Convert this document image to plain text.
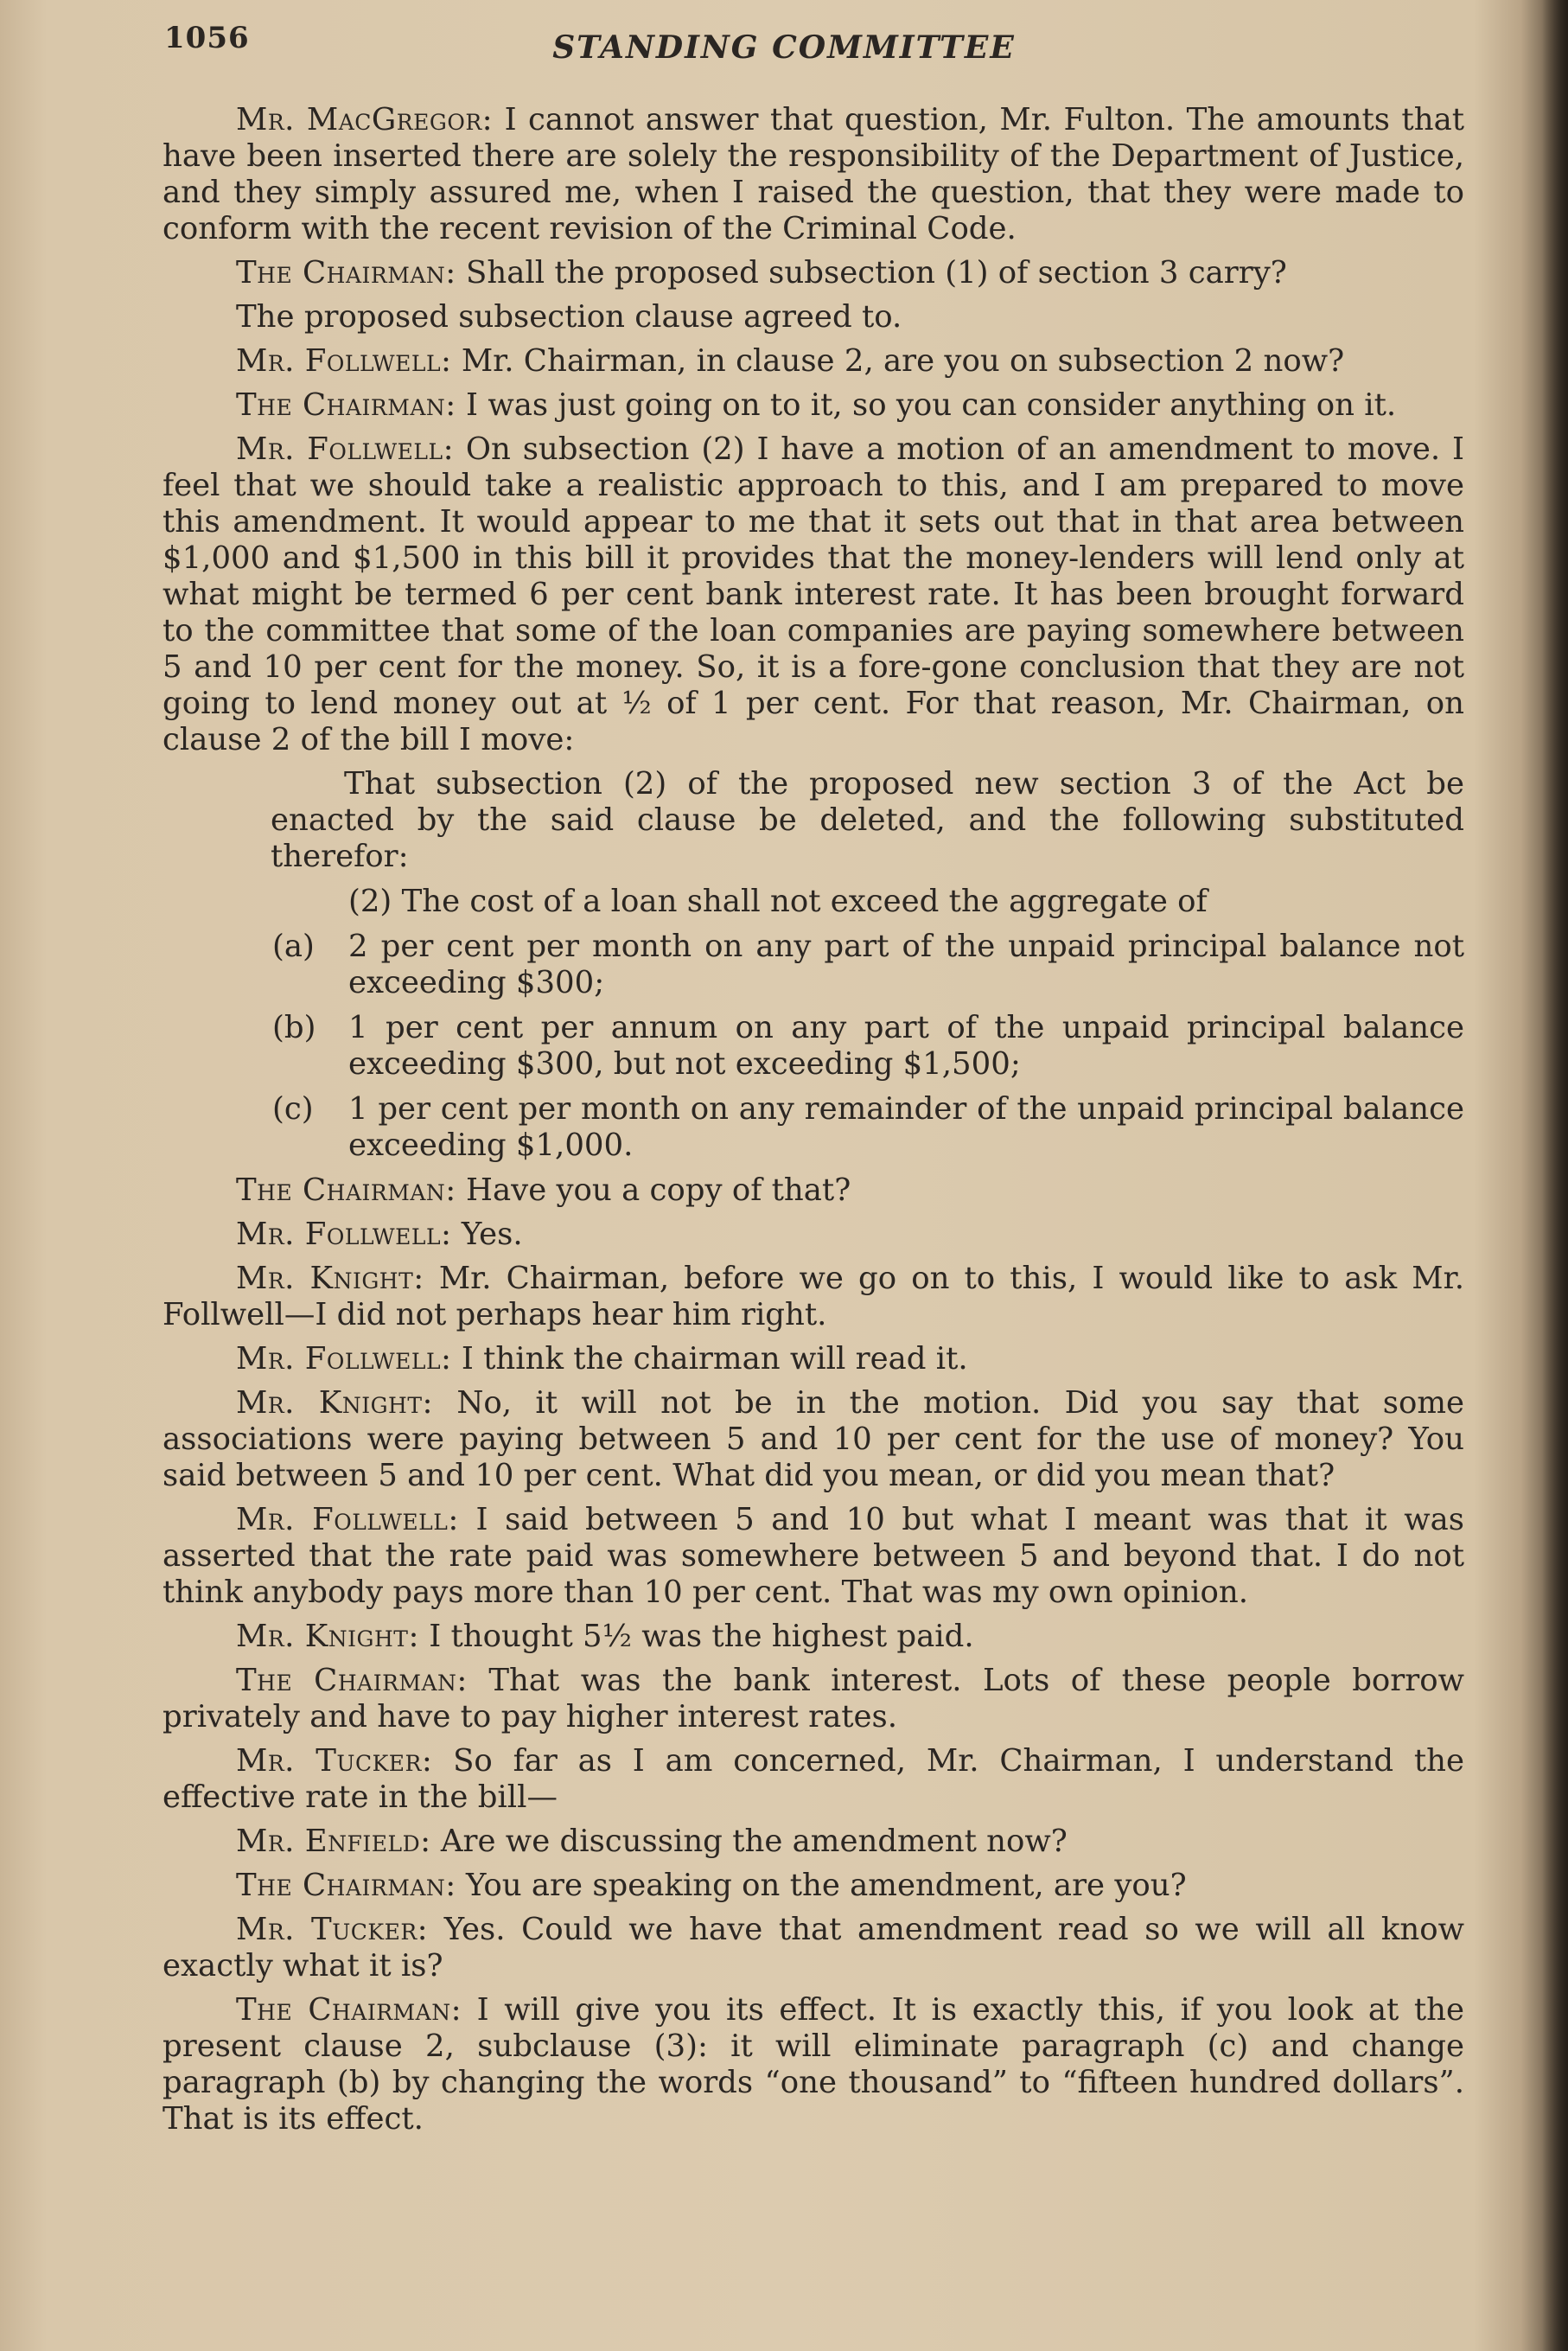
1056	STANDING COMMITTEE

Mr. MacGregor: I cannot answer that question, Mr. Fulton. The amounts that have been inserted there are solely the responsibility of the Department of Justice, and they simply assured me, when I raised the question, that they were made to conform with the recent revision of the Criminal Code.

The Chairman: Shall the proposed subsection (1) of section 3 carry?

The proposed subsection clause agreed to.

Mr. Follwell: Mr. Chairman, in clause 2, are you on subsection 2 now?

The Chairman: I was just going on to it, so you can consider anything on it.

Mr. Follwell: On subsection (2) I have a motion of an amendment to move. I feel that we should take a realistic approach to this, and I am prepared to move this amendment. It would appear to me that it sets out that in that area between $1,000 and $1,500 in this bill it provides that the money-lenders will lend only at what might be termed 6 per cent bank interest rate. It has been brought forward to the committee that some of the loan companies are paying somewhere between 5 and 10 per cent for the money. So, it is a fore-gone conclusion that they are not going to lend money out at ½ of 1 per cent. For that reason, Mr. Chairman, on clause 2 of the bill I move:

That subsection (2) of the proposed new section 3 of the Act be enacted by the said clause be deleted, and the following substituted therefor:

(2) The cost of a loan shall not exceed the aggregate of

(a) 2 per cent per month on any part of the unpaid principal balance not exceeding $300;

(b) 1 per cent per annum on any part of the unpaid principal balance exceeding $300, but not exceeding $1,500;

(c) 1 per cent per month on any remainder of the unpaid principal balance exceeding $1,000.

The Chairman: Have you a copy of that?

Mr. Follwell: Yes.

Mr. Knight: Mr. Chairman, before we go on to this, I would like to ask Mr. Follwell—I did not perhaps hear him right.

Mr. Follwell: I think the chairman will read it.

Mr. Knight: No, it will not be in the motion. Did you say that some associations were paying between 5 and 10 per cent for the use of money? You said between 5 and 10 per cent. What did you mean, or did you mean that?

Mr. Follwell: I said between 5 and 10 but what I meant was that it was asserted that the rate paid was somewhere between 5 and beyond that. I do not think anybody pays more than 10 per cent. That was my own opinion.

Mr. Knight: I thought 5½ was the highest paid.

The Chairman: That was the bank interest. Lots of these people borrow privately and have to pay higher interest rates.

Mr. Tucker: So far as I am concerned, Mr. Chairman, I understand the effective rate in the bill—

Mr. Enfield: Are we discussing the amendment now?

The Chairman: You are speaking on the amendment, are you?

Mr. Tucker: Yes. Could we have that amendment read so we will all know exactly what it is?

The Chairman: I will give you its effect. It is exactly this, if you look at the present clause 2, subclause (3): it will eliminate paragraph (c) and change paragraph (b) by changing the words “one thousand” to “fifteen hundred dollars”. That is its effect.
